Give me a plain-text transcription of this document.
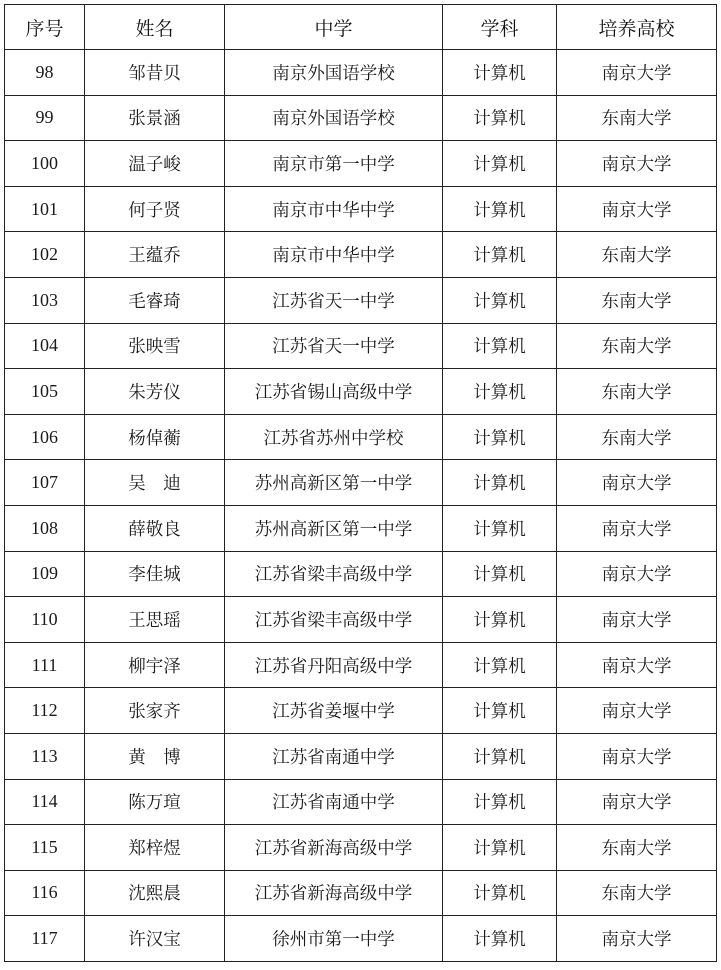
序号	姓名	中学	学科	培养高校
98	邹昔贝	南京外国语学校	计算机	南京大学
99	张景涵	南京外国语学校	计算机	东南大学
100	温子峻	南京市第一中学	计算机	南京大学
101	何子贤	南京市中华中学	计算机	南京大学
102	王蕴乔	南京市中华中学	计算机	东南大学
103	毛睿琦	江苏省天一中学	计算机	东南大学
104	张映雪	江苏省天一中学	计算机	东南大学
105	朱芳仪	江苏省锡山高级中学	计算机	东南大学
106	杨倬蘅	江苏省苏州中学校	计算机	东南大学
107	吴　迪	苏州高新区第一中学	计算机	南京大学
108	薛敬良	苏州高新区第一中学	计算机	南京大学
109	李佳城	江苏省梁丰高级中学	计算机	南京大学
110	王思瑶	江苏省梁丰高级中学	计算机	南京大学
111	柳宇泽	江苏省丹阳高级中学	计算机	南京大学
112	张家齐	江苏省姜堰中学	计算机	南京大学
113	黄　博	江苏省南通中学	计算机	南京大学
114	陈万瑄	江苏省南通中学	计算机	南京大学
115	郑梓煜	江苏省新海高级中学	计算机	东南大学
116	沈熙晨	江苏省新海高级中学	计算机	东南大学
117	许汉宝	徐州市第一中学	计算机	南京大学
